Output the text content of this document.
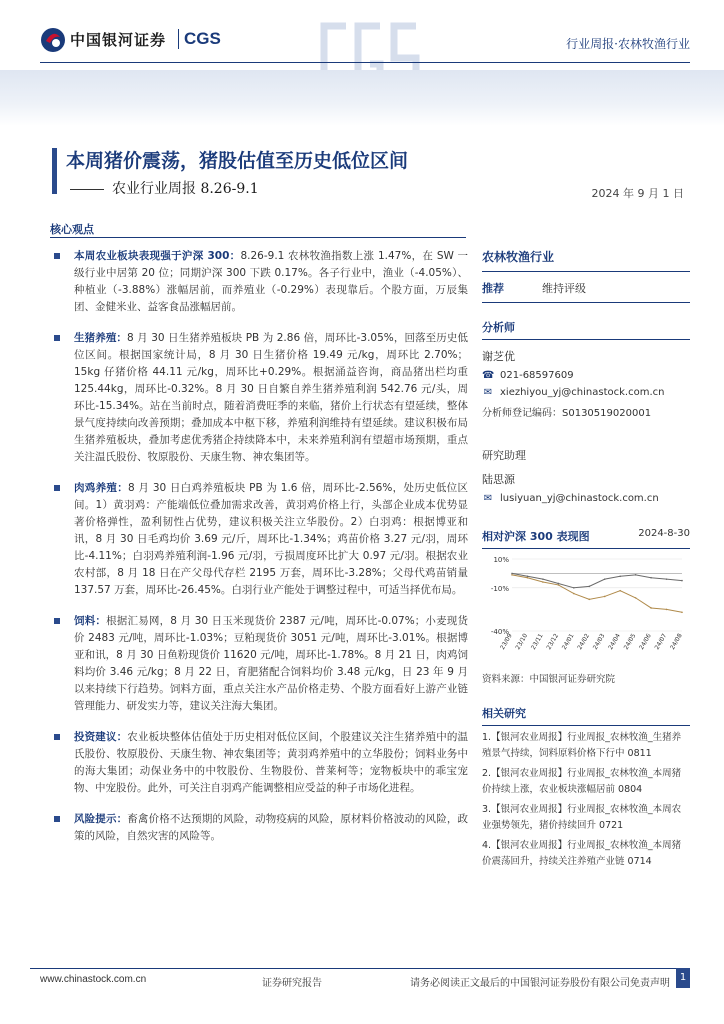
中国银河证券 CGS	行业周报·农林牧渔行业
本周猪价震荡，猪股估值至历史低位区间
农业行业周报 8.26-9.1	2024 年 9 月 1 日
核心观点
本周农业板块表现强于沪深 300：8.26-9.1 农林牧渔指数上涨 1.47%，在 SW 一级行业中居第 20 位；同期沪深 300 下跌 0.17%。各子行业中，渔业（-4.05%）、种植业（-3.88%）涨幅居前，而养殖业（-0.29%）表现靠后。个股方面，万辰集团、金健米业、益客食品涨幅居前。
生猪养殖：8 月 30 日生猪养殖板块 PB 为 2.86 倍，周环比-3.05%，回落至历史低位区间。根据国家统计局，8 月 30 日生猪价格 19.49 元/kg，周环比 2.70%；15kg 仔猪价格 44.11 元/kg，周环比+0.29%。根据涌益咨询，商品猪出栏均重 125.44kg，周环比-0.32%。8 月 30 日自繁自养生猪养殖利润 542.76 元/头，周环比-15.34%。站在当前时点，随着消费旺季的来临，猪价上行状态有望延续，整体景气度持续向改善预期；叠加成本中枢下移，养殖利润维持有望延续。建议积极布局生猪养殖板块，叠加考虑优秀猪企持续降本中，未来养殖利润有望超市场预期，重点关注温氏股份、牧原股份、天康生物、神农集团等。
肉鸡养殖：8 月 30 日白鸡养殖板块 PB 为 1.6 倍，周环比-2.56%，处历史低位区间。1）黄羽鸡：产能端低位叠加需求改善，黄羽鸡价格上行，头部企业成本优势显著价格弹性，盈利韧性占优势，建议积极关注立华股份。2）白羽鸡：根据博亚和讯，8 月 30 日毛鸡均价 3.69 元/斤，周环比-1.34%；鸡苗价格 3.27 元/羽，周环比-4.11%；白羽鸡养殖利润-1.96 元/羽，亏损周度环比扩大 0.97 元/羽。根据农业农村部，8 月 18 日在产父母代存栏 2195 万套，周环比-3.28%；父母代鸡苗销量 137.57 万套，周环比-26.45%。白羽行业产能处于调整过程中，可适当择优布局。
饲料：根据汇易网，8 月 30 日玉米现货价 2387 元/吨，周环比-0.07%；小麦现货价 2483 元/吨，周环比-1.03%；豆粕现货价 3051 元/吨，周环比-3.01%。根据博亚和讯，8 月 30 日鱼粉现货价 11620 元/吨，周环比-1.78%。8 月 21 日，肉鸡饲料均价 3.46 元/kg；8 月 22 日，育肥猪配合饲料均价 3.48 元/kg，日 23 年 9 月以来持续下行趋势。饲料方面，重点关注水产品价格走势、个股方面看好上游产业链管理能力、研发实力等，建议关注海大集团。
投资建议：农业板块整体估值处于历史相对低位区间，个股建议关注生猪养殖中的温氏股份、牧原股份、天康生物、神农集团等；黄羽鸡养殖中的立华股份；饲料业务中的海大集团；动保业务中的中牧股份、生物股份、普莱柯等；宠物板块中的乖宝宠物、中宠股份。此外，可关注自羽鸡产能调整相应受益的种子市场化进程。
风险提示：畜禽价格不达预期的风险，动物疫病的风险，原材料价格波动的风险，政策的风险，自然灾害的风险等。
农林牧渔行业
推荐	维持评级
分析师
谢芝优
☎ 021-68597609
✉ xiezhiyou_yj@chinastock.com.cn
分析师登记编码：S0130519020001
研究助理
陆思源
✉ lusiyuan_yj@chinastock.com.cn
相对沪深 300 表现图	2024-8-30
10%
-10%
-40%
23/09 23/10 23/11 23/12 24/01 24/02 24/03 24/04 24/05 24/06 24/07 24/08
资料来源：中国银河证券研究院
相关研究
1.【银河农业周报】行业周报_农林牧渔_生猪养殖景气持续，饲料原料价格下行中 0811
2.【银河农业周报】行业周报_农林牧渔_本周猪价持续上涨，农业板块涨幅居前 0804
3.【银河农业周报】行业周报_农林牧渔_本周农业强势领先，猪价持续回升 0721
4.【银河农业周报】行业周报_农林牧渔_本周猪价震荡回升，持续关注养殖产业链 0714
www.chinastock.com.cn	证券研究报告	请务必阅读正文最后的中国银河证券股份有限公司免责声明
1
